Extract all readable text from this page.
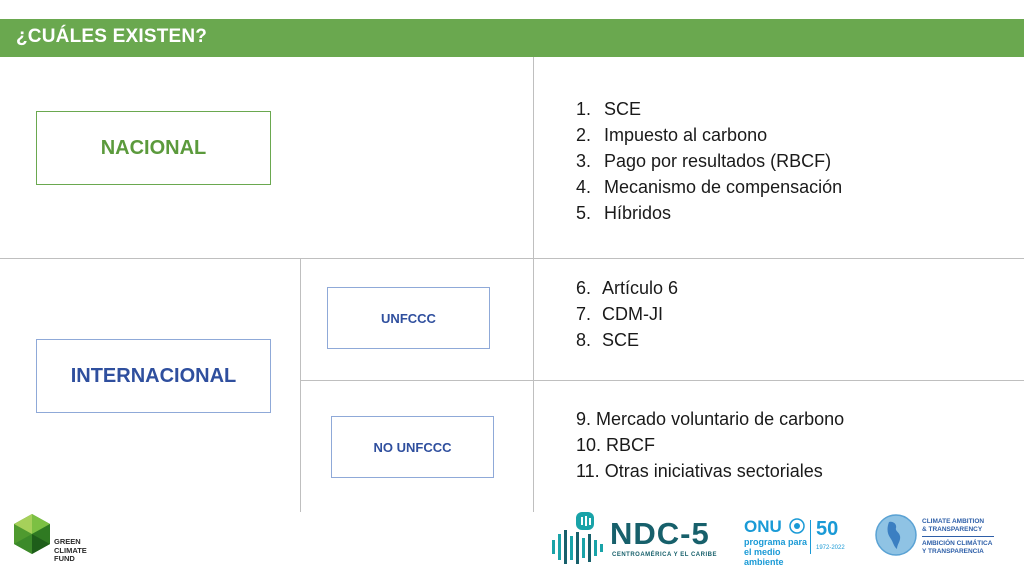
¿CUÁLES EXISTEN?
NACIONAL
INTERNACIONAL
UNFCCC
NO UNFCCC
1. SCE
2. Impuesto al carbono
3. Pago por resultados (RBCF)
4. Mecanismo de compensación
5. Híbridos
6. Artículo 6
7. CDM-JI
8. SCE
9. Mercado voluntario de carbono
10. RBCF
11. Otras iniciativas sectoriales
GREEN
CLIMATE
FUND
NDC-5
CENTROAMÉRICA Y EL CARIBE
ONU
programa para el medio ambiente
50
1972-2022
CLIMATE AMBITION
& TRANSPARENCY
AMBICIÓN CLIMÁTICA
Y TRANSPARENCIA
